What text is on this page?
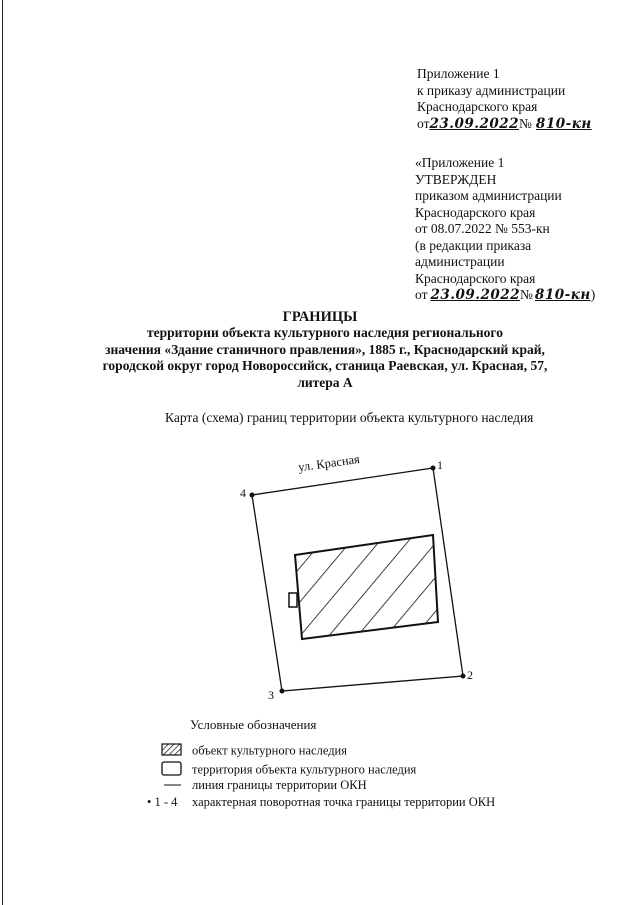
Приложение 1
к приказу администрации
Краснодарского края
от23.09.2022№ 810-кн
«Приложение 1
УТВЕРЖДЕН
приказом администрации
Краснодарского края
от 08.07.2022 № 553-кн
(в редакции приказа
администрации
Краснодарского края
от 23.09.2022№ 810-кн)
ГРАНИЦЫ
территории объекта культурного наследия регионального
значения «Здание станичного правления», 1885 г., Краснодарский край,
городской округ город Новороссийск, станица Раевская, ул. Красная, 57,
литера А
Карта (схема) границ территории объекта культурного наследия
1
2
3
4
ул. Красная
Условные обозначения
объект культурного наследия
территория объекта культурного наследия
линия границы территории ОКН
• 1 - 4 характерная поворотная точка границы территории ОКН
